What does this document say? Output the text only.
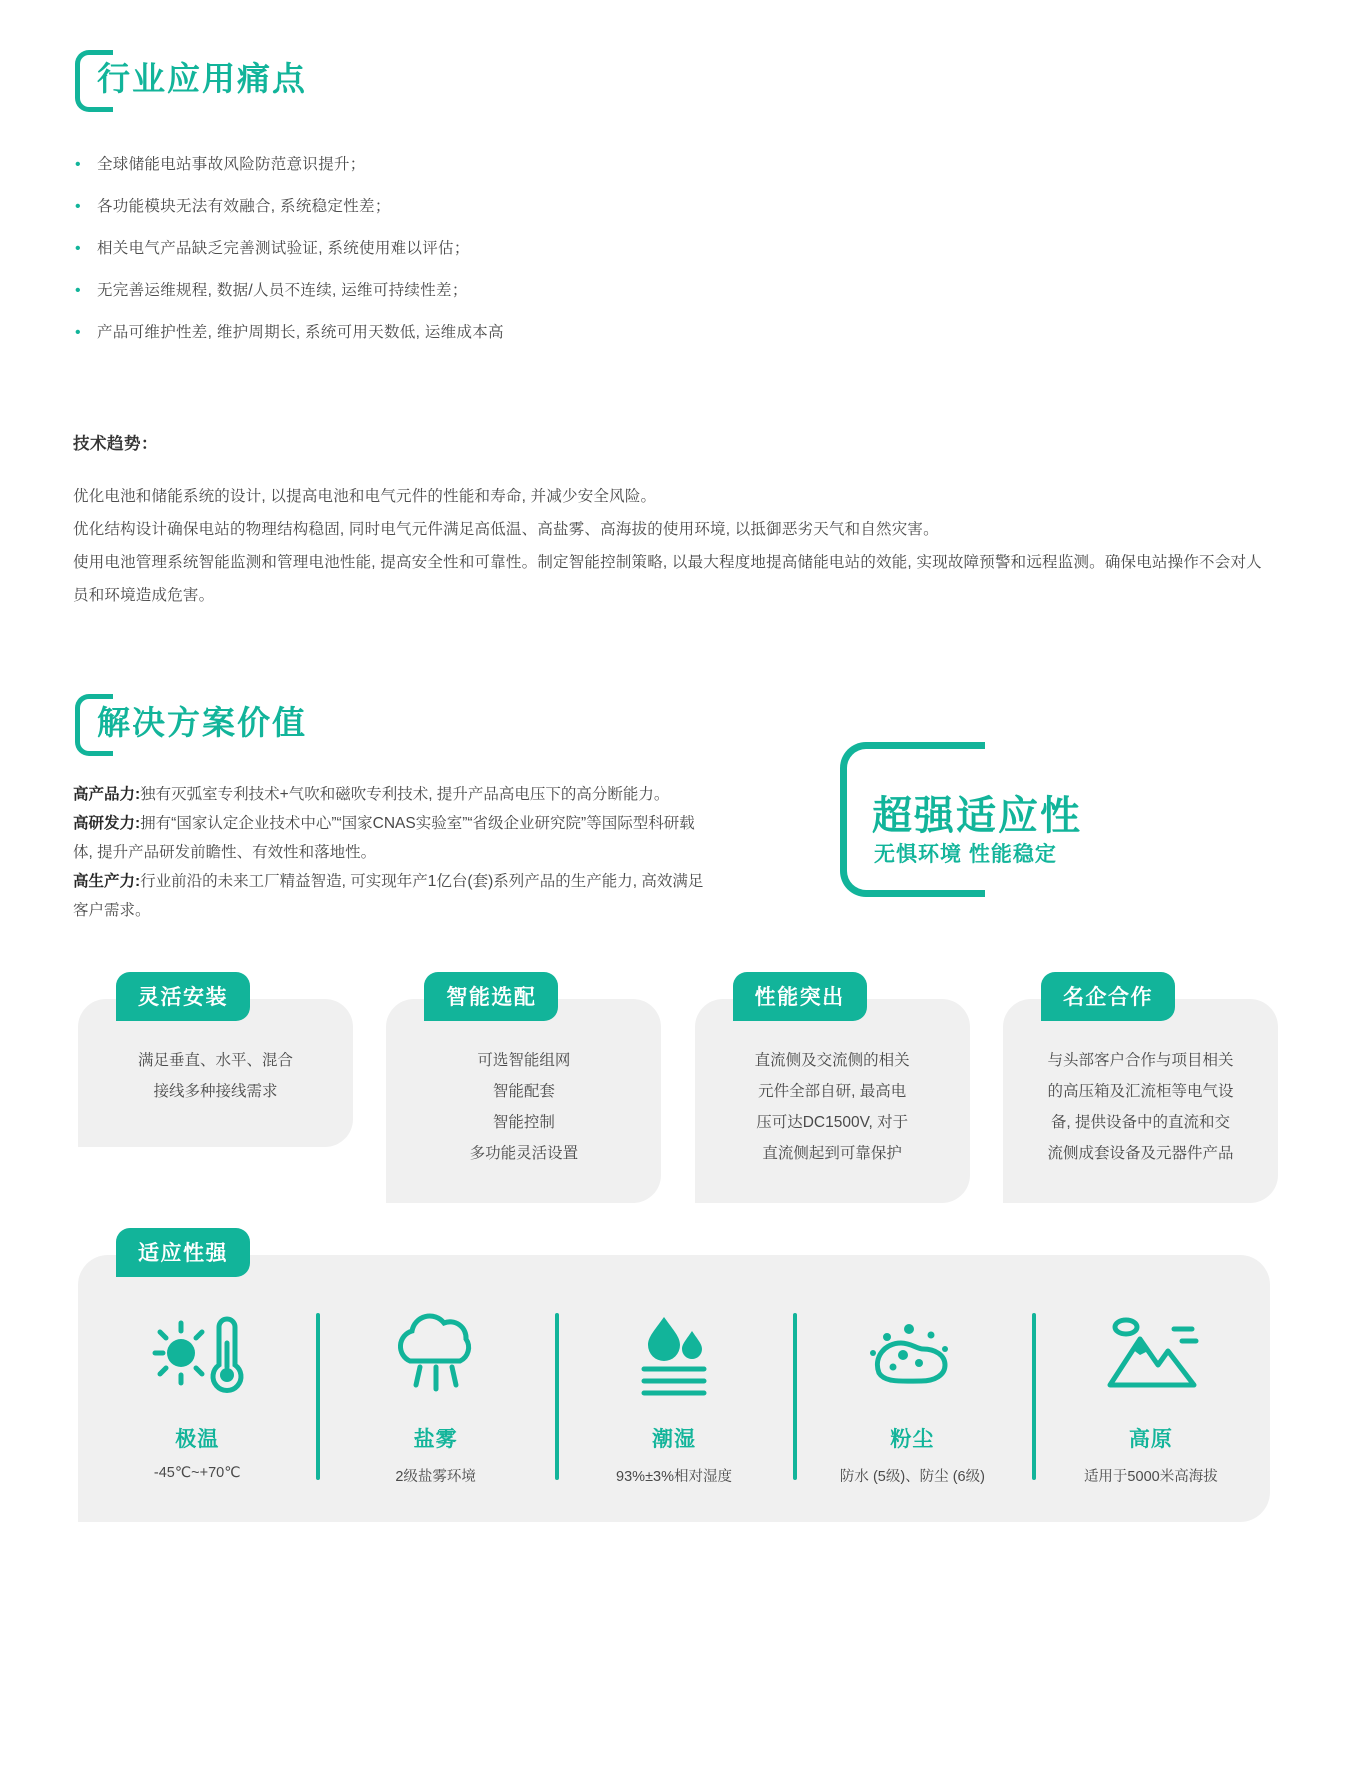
行业应用痛点
•	全球储能电站事故风险防范意识提升；
•	各功能模块无法有效融合, 系统稳定性差；
•	相关电气产品缺乏完善测试验证, 系统使用难以评估；
•	无完善运维规程, 数据/人员不连续, 运维可持续性差；
•	产品可维护性差, 维护周期长, 系统可用天数低, 运维成本高
技术趋势：
优化电池和储能系统的设计, 以提高电池和电气元件的性能和寿命, 并减少安全风险。
优化结构设计确保电站的物理结构稳固, 同时电气元件满足高低温、高盐雾、高海拔的使用环境, 以抵御恶劣天气和自然灾害。
使用电池管理系统智能监测和管理电池性能, 提高安全性和可靠性。制定智能控制策略, 以最大程度地提高储能电站的效能, 实现故障预警和远程监测。确保电站操作不会对人员和环境造成危害。
解决方案价值
高产品力:独有灭弧室专利技术+气吹和磁吹专利技术, 提升产品高电压下的高分断能力。
高研发力:拥有“国家认定企业技术中心”“国家CNAS实验室”“省级企业研究院”等国际型科研载体, 提升产品研发前瞻性、有效性和落地性。
高生产力:行业前沿的未来工厂精益智造, 可实现年产1亿台(套)系列产品的生产能力, 高效满足客户需求。
超强适应性
无惧环境 性能稳定
灵活安装
满足垂直、水平、混合
接线多种接线需求
智能选配
可选智能组网
智能配套
智能控制
多功能灵活设置
性能突出
直流侧及交流侧的相关
元件全部自研, 最高电
压可达DC1500V, 对于
直流侧起到可靠保护
名企合作
与头部客户合作与项目相关
的高压箱及汇流柜等电气设
备, 提供设备中的直流和交
流侧成套设备及元器件产品
适应性强
极温
-45℃~+70℃
盐雾
2级盐雾环境
潮湿
93%±3%相对湿度
粉尘
防水 (5级)、防尘 (6级)
高原
适用于5000米高海拔
